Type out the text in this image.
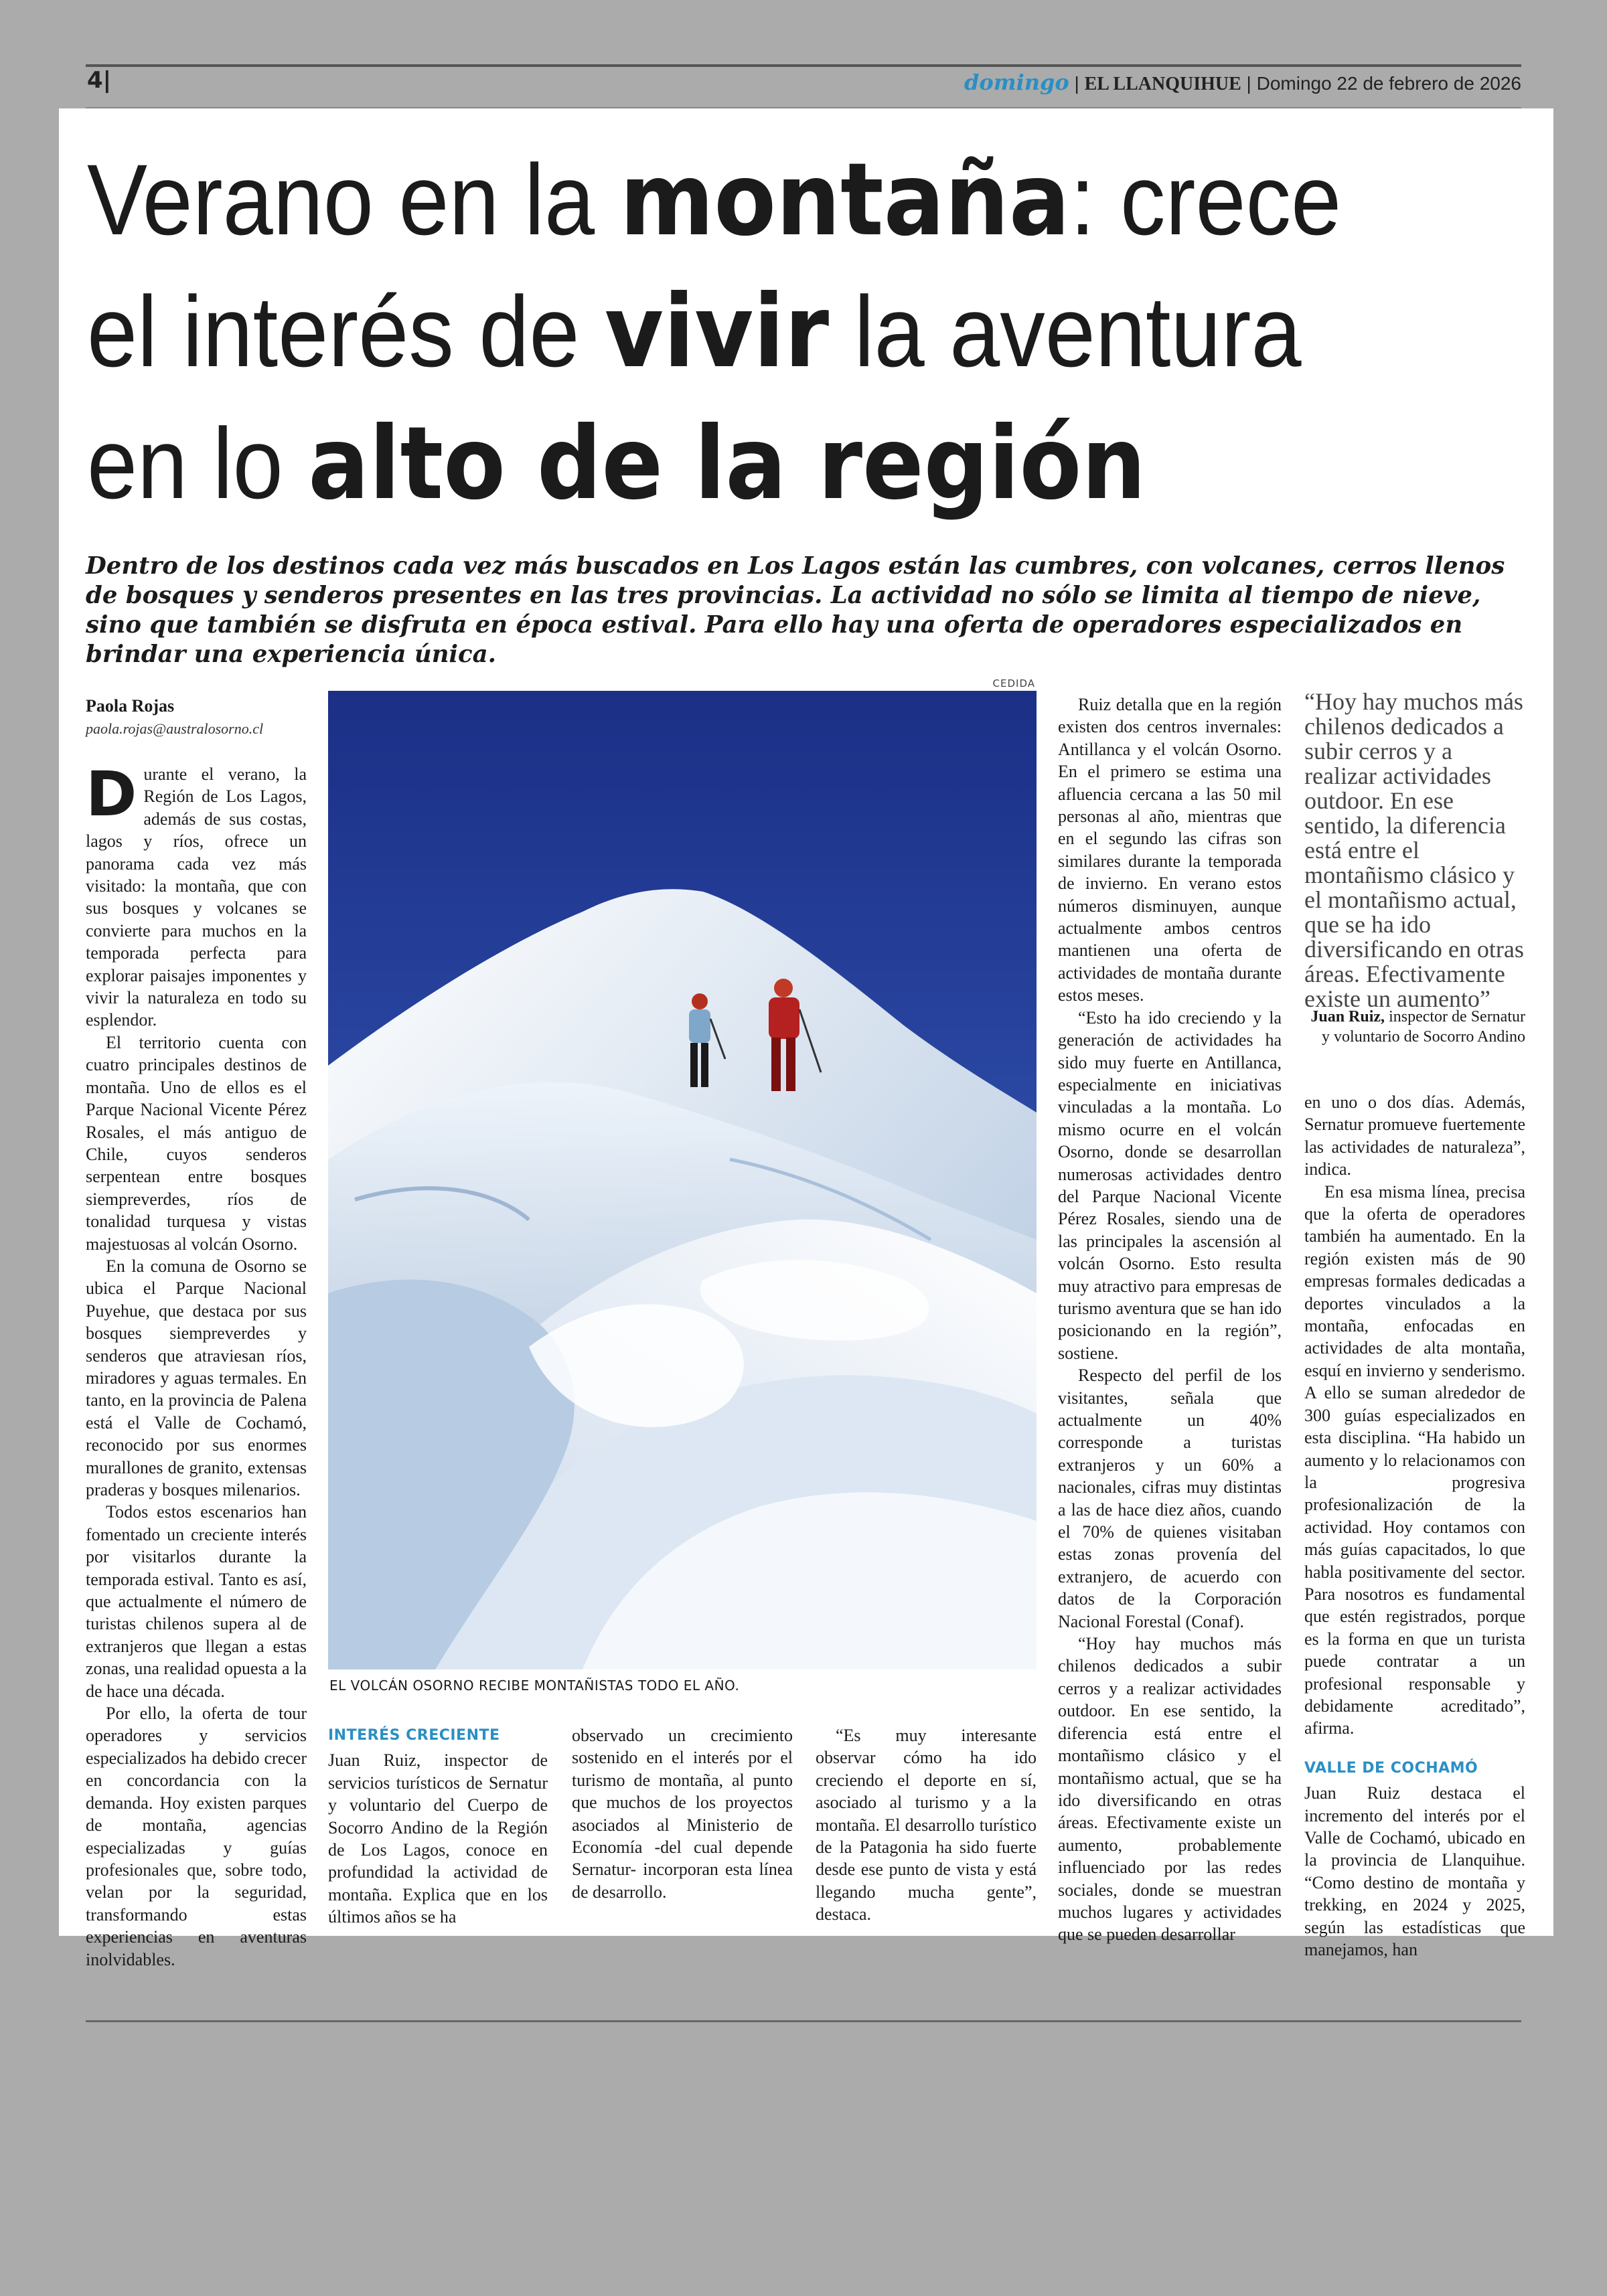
4|	domingo | EL LLANQUIHUE | Domingo 22 de febrero de 2026
Verano en la montaña: crece
el interés de vivir la aventura
en lo alto de la región
Dentro de los destinos cada vez más buscados en Los Lagos están las cumbres, con volcanes, cerros llenos de bosques y senderos presentes en las tres provincias. La actividad no sólo se limita al tiempo de nieve, sino que también se disfruta en época estival. Para ello hay una oferta de operadores especializados en brindar una experiencia única.
Paola Rojas
paola.rojas@australosorno.cl

Durante el verano, la Región de Los Lagos, además de sus costas, lagos y ríos, ofrece un panorama cada vez más visitado: la montaña, que con sus bosques y volcanes se convierte para muchos en la temporada perfecta para explorar paisajes imponentes y vivir la naturaleza en todo su esplendor.

El territorio cuenta con cuatro principales destinos de montaña. Uno de ellos es el Parque Nacional Vicente Pérez Rosales, el más antiguo de Chile, cuyos senderos serpentean entre bosques siempreverdes, ríos de tonalidad turquesa y vistas majestuosas al volcán Osorno.

En la comuna de Osorno se ubica el Parque Nacional Puyehue, que destaca por sus bosques siempreverdes y senderos que atraviesan ríos, miradores y aguas termales. En tanto, en la provincia de Palena está el Valle de Cochamó, reconocido por sus enormes murallones de granito, extensas praderas y bosques milenarios.

Todos estos escenarios han fomentado un creciente interés por visitarlos durante la temporada estival. Tanto es así, que actualmente el número de turistas chilenos supera al de extranjeros que llegan a estas zonas, una realidad opuesta a la de hace una década.

Por ello, la oferta de tour operadores y servicios especializados ha debido crecer en concordancia con la demanda. Hoy existen parques de montaña, agencias especializadas y guías profesionales que, sobre todo, velan por la seguridad, transformando estas experiencias en aventuras inolvidables.

CEDIDA
EL VOLCÁN OSORNO RECIBE MONTAÑISTAS TODO EL AÑO.
INTERÉS CRECIENTE

Juan Ruiz, inspector de servicios turísticos de Sernatur y voluntario del Cuerpo de Socorro Andino de la Región de Los Lagos, conoce en profundidad la actividad de montaña. Explica que en los últimos años se ha

observado un crecimiento sostenido en el interés por el turismo de montaña, al punto que muchos de los proyectos asociados al Ministerio de Economía -del cual depende Sernatur- incorporan esta línea de desarrollo.

“Es muy interesante observar cómo ha ido creciendo el deporte en sí, asociado al turismo y a la montaña. El desarrollo turístico de la Patagonia ha sido fuerte desde ese punto de vista y está llegando mucha gente”, destaca.

Ruiz detalla que en la región existen dos centros invernales: Antillanca y el volcán Osorno. En el primero se estima una afluencia cercana a las 50 mil personas al año, mientras que en el segundo las cifras son similares durante la temporada de invierno. En verano estos números disminuyen, aunque actualmente ambos centros mantienen una oferta de actividades de montaña durante estos meses.

“Esto ha ido creciendo y la generación de actividades ha sido muy fuerte en Antillanca, especialmente en iniciativas vinculadas a la montaña. Lo mismo ocurre en el volcán Osorno, donde se desarrollan numerosas actividades dentro del Parque Nacional Vicente Pérez Rosales, siendo una de las principales la ascensión al volcán Osorno. Esto resulta muy atractivo para empresas de turismo aventura que se han ido posicionando en la región”, sostiene.

Respecto del perfil de los visitantes, señala que actualmente un 40% corresponde a turistas extranjeros y un 60% a nacionales, cifras muy distintas a las de hace diez años, cuando el 70% de quienes visitaban estas zonas provenía del extranjero, de acuerdo con datos de la Corporación Nacional Forestal (Conaf).

“Hoy hay muchos más chilenos dedicados a subir cerros y a realizar actividades outdoor. En ese sentido, la diferencia está entre el montañismo clásico y el montañismo actual, que se ha ido diversificando en otras áreas. Efectivamente existe un aumento, probablemente influenciado por las redes sociales, donde se muestran muchos lugares y actividades que se pueden desarrollar

“Hoy hay muchos más chilenos dedicados a subir cerros y a realizar actividades outdoor. En ese sentido, la diferencia está entre el montañismo clásico y el montañismo actual, que se ha ido diversificando en otras áreas. Efectivamente existe un aumento”
Juan Ruiz, inspector de Sernatur y voluntario de Socorro Andino

en uno o dos días. Además, Sernatur promueve fuertemente las actividades de naturaleza”, indica.

En esa misma línea, precisa que la oferta de operadores también ha aumentado. En la región existen más de 90 empresas formales dedicadas a deportes vinculados a la montaña, enfocadas en actividades de alta montaña, esquí en invierno y senderismo. A ello se suman alrededor de 300 guías especializados en esta disciplina. “Ha habido un aumento y lo relacionamos con la progresiva profesionalización de la actividad. Hoy contamos con más guías capacitados, lo que habla positivamente del sector. Para nosotros es fundamental que estén registrados, porque es la forma en que un turista puede contratar a un profesional responsable y debidamente acreditado”, afirma.

VALLE DE COCHAMÓ

Juan Ruiz destaca el incremento del interés por el Valle de Cochamó, ubicado en la provincia de Llanquihue. “Como destino de montaña y trekking, en 2024 y 2025, según las estadísticas que manejamos, han
